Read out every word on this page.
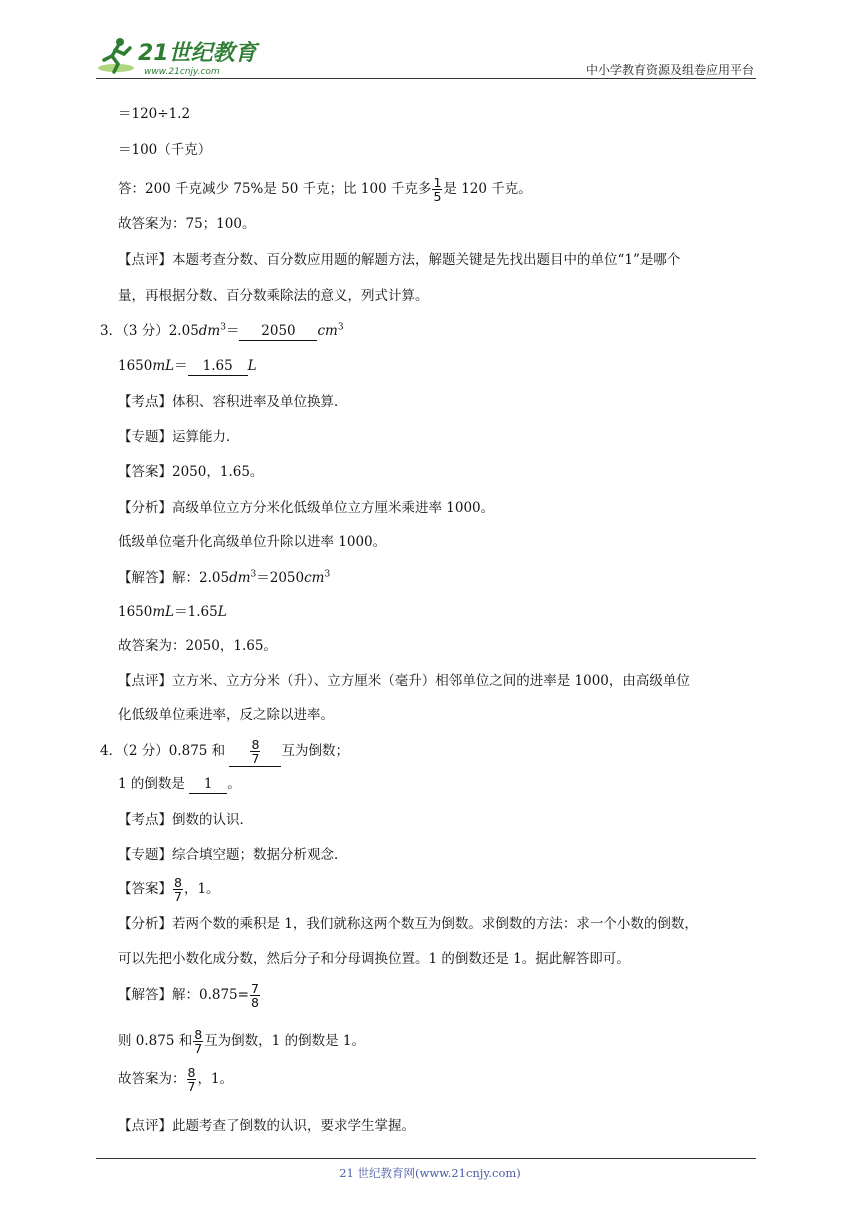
21世纪教育
www.21cnjy.com	中小学教育资源及组卷应用平台
＝120÷1.2
＝100（千克）
答：200 千克减少 75%是 50 千克；比 100 千克多 $\frac{1}{5}$ 是 120 千克。
故答案为：75；100。
【点评】本题考查分数、百分数应用题的解题方法，解题关键是先找出题目中的单位“1”是哪个
量，再根据分数、百分数乘除法的意义，列式计算。
3．（3 分）$2.05dm^3= 2050$ $cm^3$
1650mL＝ 1.65 L
【考点】体积、容积进率及单位换算．
【专题】运算能力．
【答案】2050，1.65。
【分析】高级单位立方分米化低级单位立方厘米乘进率 1000。
低级单位毫升化高级单位升除以进率 1000。
【解答】解：$2.05dm^3=2050cm^3$
1650mL＝1.65L
故答案为：2050，1.65。
【点评】立方米、立方分米（升）、立方厘米（毫升）相邻单位之间的进率是 1000，由高级单位
化低级单位乘进率，反之除以进率。
4．（2 分）0.875 和 $\frac{8}{7}$ 互为倒数；
1 的倒数是 1 。
【考点】倒数的认识．
【专题】综合填空题；数据分析观念．
【答案】 $\frac{8}{7}$ ，1。
【分析】若两个数的乘积是 1，我们就称这两个数互为倒数。求倒数的方法：求一个小数的倒数，
可以先把小数化成分数，然后分子和分母调换位置。1 的倒数还是 1。据此解答即可。
【解答】解：$0.875= \frac{7}{8}$
则 0.875 和 $\frac{8}{7}$ 互为倒数，1 的倒数是 1。
故答案为： $\frac{8}{7}$ ，1。
【点评】此题考查了倒数的认识，要求学生掌握。
21 世纪教育网(www.21cnjy.com)
